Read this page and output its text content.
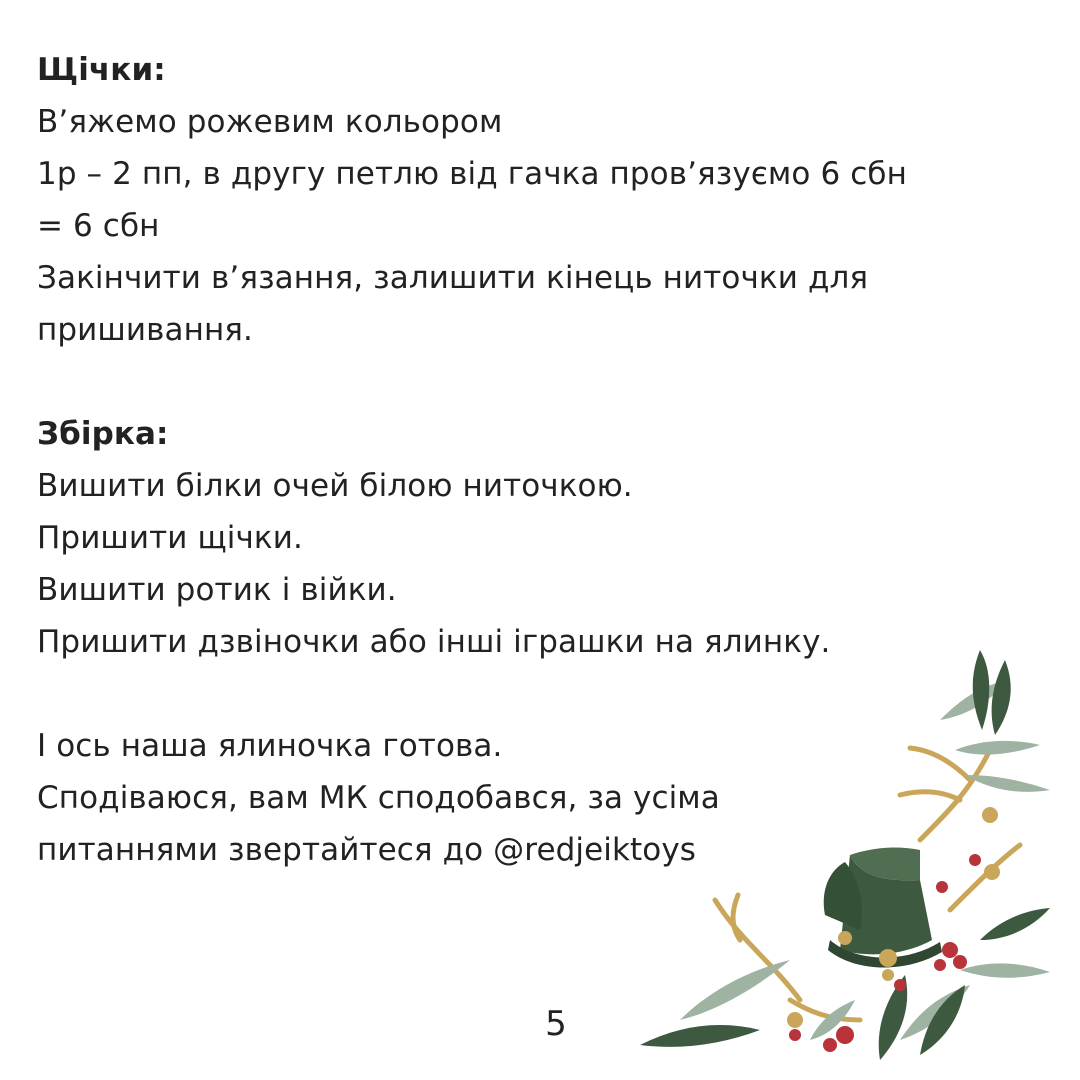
Щічки:
В’яжемо рожевим кольором
1р – 2 пп, в другу петлю від гачка пров’язуємо 6 сбн
= 6 сбн
Закінчити в’язання, залишити кінець ниточки для
пришивання.
Збірка:
Вишити білки очей білою ниточкою.
Пришити щічки.
Вишити ротик і війки.
Пришити дзвіночки або інші іграшки на ялинку.
І ось наша ялиночка готова.
Сподіваюся, вам МК сподобався, за усіма
питаннями звертайтеся до @redjeiktoys
5
